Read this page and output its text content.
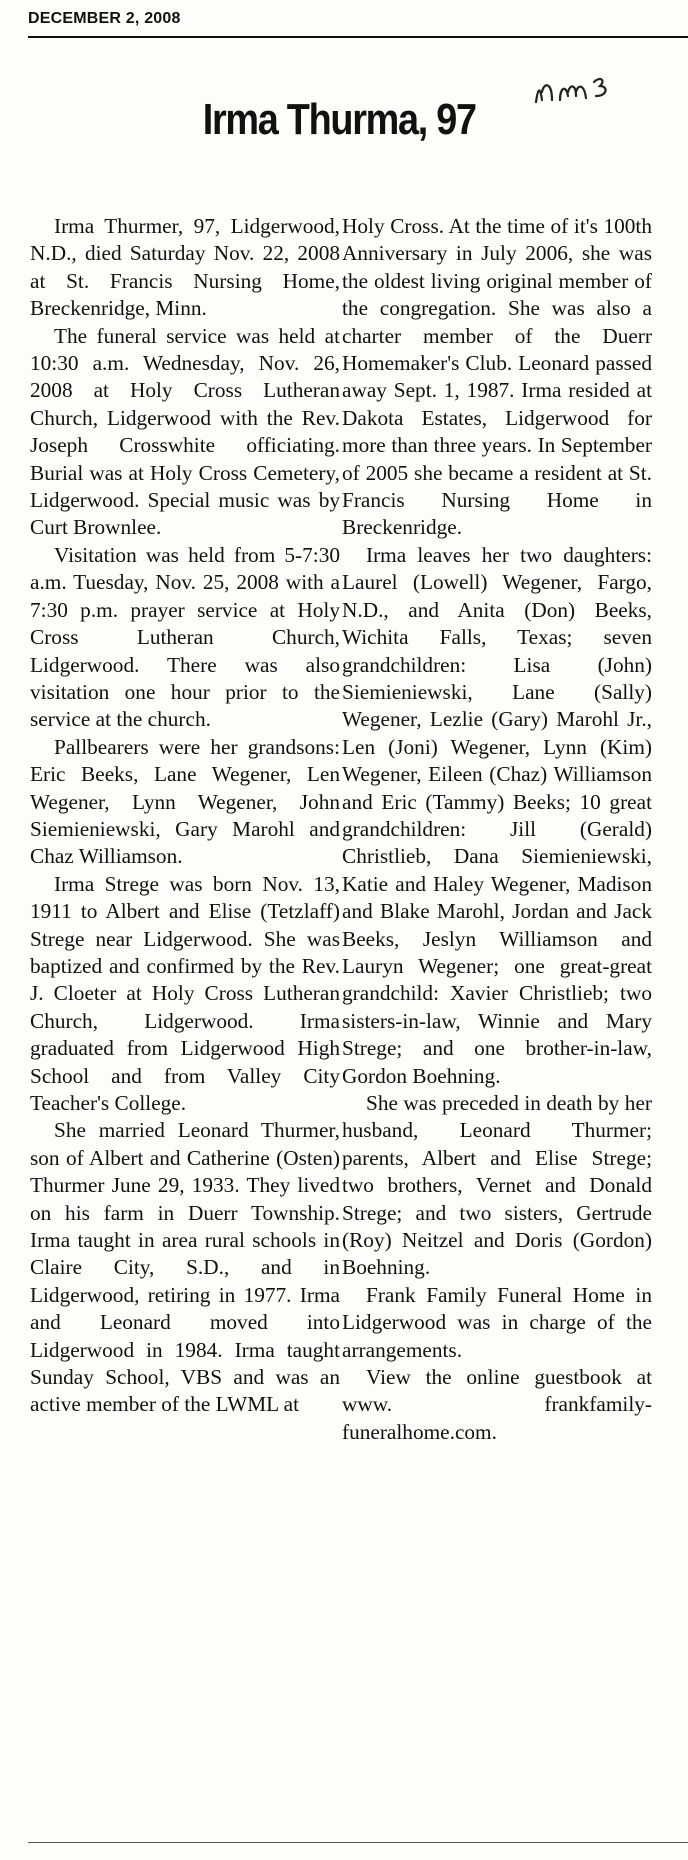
DECEMBER 2, 2008
Irma Thurma, 97

Irma Thurmer, 97, Lidgerwood, N.D., died Saturday Nov. 22, 2008 at St. Francis Nursing Home, Breckenridge, Minn.

The funeral service was held at 10:30 a.m. Wednesday, Nov. 26, 2008 at Holy Cross Lutheran Church, Lidgerwood with the Rev. Joseph Crosswhite officiating. Burial was at Holy Cross Cemetery, Lidgerwood. Special music was by Curt Brownlee.

Visitation was held from 5-7:30 a.m. Tuesday, Nov. 25, 2008 with a 7:30 p.m. prayer service at Holy Cross Lutheran Church, Lidgerwood. There was also visitation one hour prior to the service at the church.

Pallbearers were her grandsons: Eric Beeks, Lane Wegener, Len Wegener, Lynn Wegener, John Siemieniewski, Gary Marohl and Chaz Williamson.

Irma Strege was born Nov. 13, 1911 to Albert and Elise (Tetzlaff) Strege near Lidgerwood. She was baptized and confirmed by the Rev. J. Cloeter at Holy Cross Lutheran Church, Lidgerwood. Irma graduated from Lidgerwood High School and from Valley City Teacher's College.

She married Leonard Thurmer, son of Albert and Catherine (Osten) Thurmer June 29, 1933. They lived on his farm in Duerr Township. Irma taught in area rural schools in Claire City, S.D., and in Lidgerwood, retiring in 1977. Irma and Leonard moved into Lidgerwood in 1984. Irma taught Sunday School, VBS and was an active member of the LWML at

Holy Cross. At the time of it's 100th Anniversary in July 2006, she was the oldest living original member of the congregation. She was also a charter member of the Duerr Homemaker's Club. Leonard passed away Sept. 1, 1987. Irma resided at Dakota Estates, Lidgerwood for more than three years. In September of 2005 she became a resident at St. Francis Nursing Home in Breckenridge.

Irma leaves her two daughters: Laurel (Lowell) Wegener, Fargo, N.D., and Anita (Don) Beeks, Wichita Falls, Texas; seven grandchildren: Lisa (John) Siemieniewski, Lane (Sally) Wegener, Lezlie (Gary) Marohl Jr., Len (Joni) Wegener, Lynn (Kim) Wegener, Eileen (Chaz) Williamson and Eric (Tammy) Beeks; 10 great grandchildren: Jill (Gerald) Christlieb, Dana Siemieniewski, Katie and Haley Wegener, Madison and Blake Marohl, Jordan and Jack Beeks, Jeslyn Williamson and Lauryn Wegener; one great-great grandchild: Xavier Christlieb; two sisters-in-law, Winnie and Mary Strege; and one brother-in-law, Gordon Boehning.

She was preceded in death by her husband, Leonard Thurmer; parents, Albert and Elise Strege; two brothers, Vernet and Donald Strege; and two sisters, Gertrude (Roy) Neitzel and Doris (Gordon) Boehning.

Frank Family Funeral Home in Lidgerwood was in charge of the arrangements.

View the online guestbook at www. frankfamilyfuneralhome.com.
